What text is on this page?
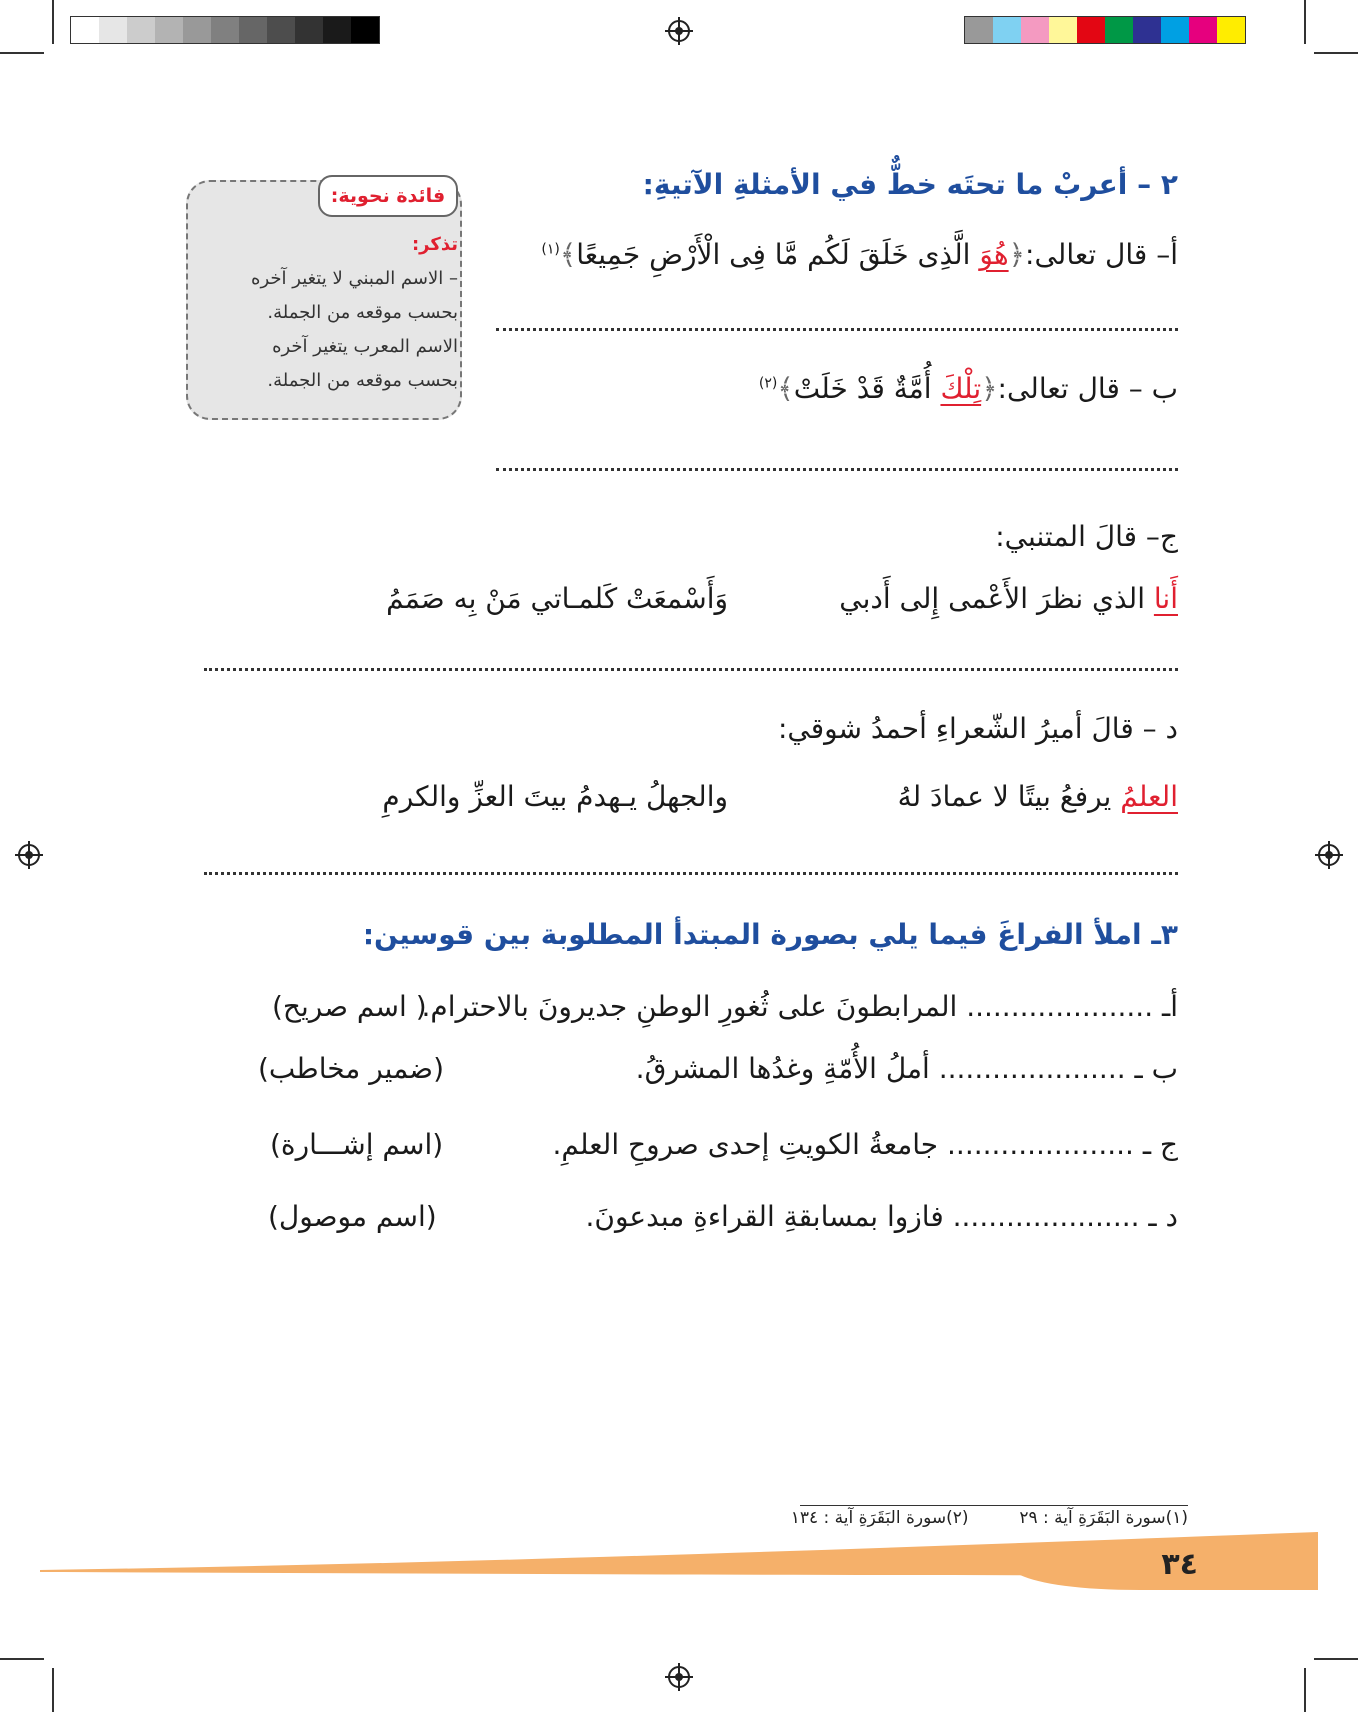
فائدة نحوية:
تذكر:
– الاسم المبني لا يتغير آخره
بحسب موقعه من الجملة.
الاسم المعرب يتغير آخره
بحسب موقعه من الجملة.
٢ – أعربْ ما تحتَه خطٌّ في الأمثلةِ الآتيةِ:
أ– قال تعالى:﴿هُوَ الَّذِى خَلَقَ لَكُم مَّا فِى الْأَرْضِ جَمِيعًا﴾$^{(١)}$
ب – قال تعالى:﴿تِلْكَ أُمَّةٌ قَدْ خَلَتْ﴾$^{(٢)}$
ج– قالَ المتنبي:
أَنا الذي نظرَ الأَعْمى إِلى أَدبي
وَأَسْمعَتْ كَلمـاتي مَنْ بِه صَمَمُ
د – قالَ أميرُ الشّعراءِ أحمدُ شوقي:
العلمُ يرفعُ بيتًا لا عمادَ لهُ
والجهلُ يـهدمُ بيتَ العزِّ والكرمِ
٣ـ املأ الفراغَ فيما يلي بصورة المبتدأ المطلوبة بين قوسين:
أـ ..................... المرابطونَ على ثُغورِ الوطنِ جديرونَ بالاحترام.
( اسم صريح)
ب ـ ..................... أملُ الأُمّةِ وغدُها المشرقُ.
(ضمير مخاطب)
ج ـ ..................... جامعةُ الكويتِ إحدى صروحِ العلمِ.
(اسم إشـــارة)
د ـ ..................... فازوا بمسابقةِ القراءةِ مبدعونَ.
(اسم موصول)
(١)سورة البَقَرَةِ آية : ٢٩  (٢)سورة البَقَرَةِ آية : ١٣٤
٣٤
